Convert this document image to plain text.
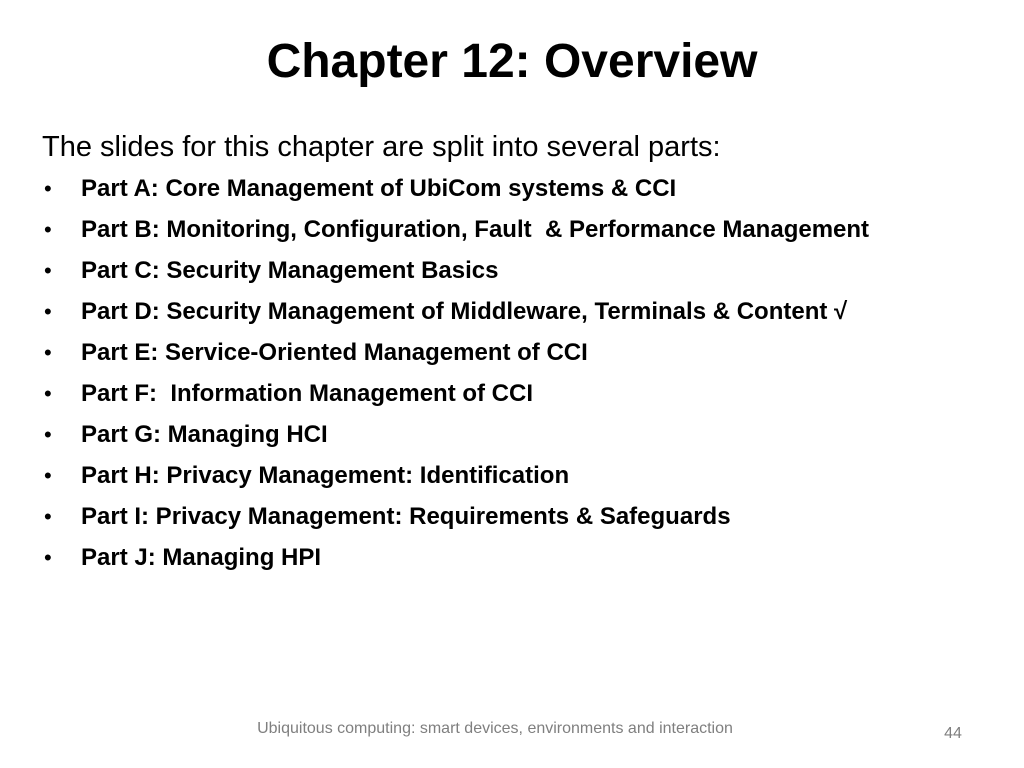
Chapter 12: Overview

The slides for this chapter are split into several parts:

•	Part A: Core Management of UbiCom systems & CCI
•	Part B: Monitoring, Configuration, Fault  & Performance Management
•	Part C: Security Management Basics
•	Part D: Security Management of Middleware, Terminals & Content √
•	Part E: Service-Oriented Management of CCI
•	Part F:  Information Management of CCI
•	Part G: Managing HCI
•	Part H: Privacy Management: Identification
•	Part I: Privacy Management: Requirements & Safeguards
•	Part J: Managing HPI

Ubiquitous computing: smart devices, environments and interaction	44
